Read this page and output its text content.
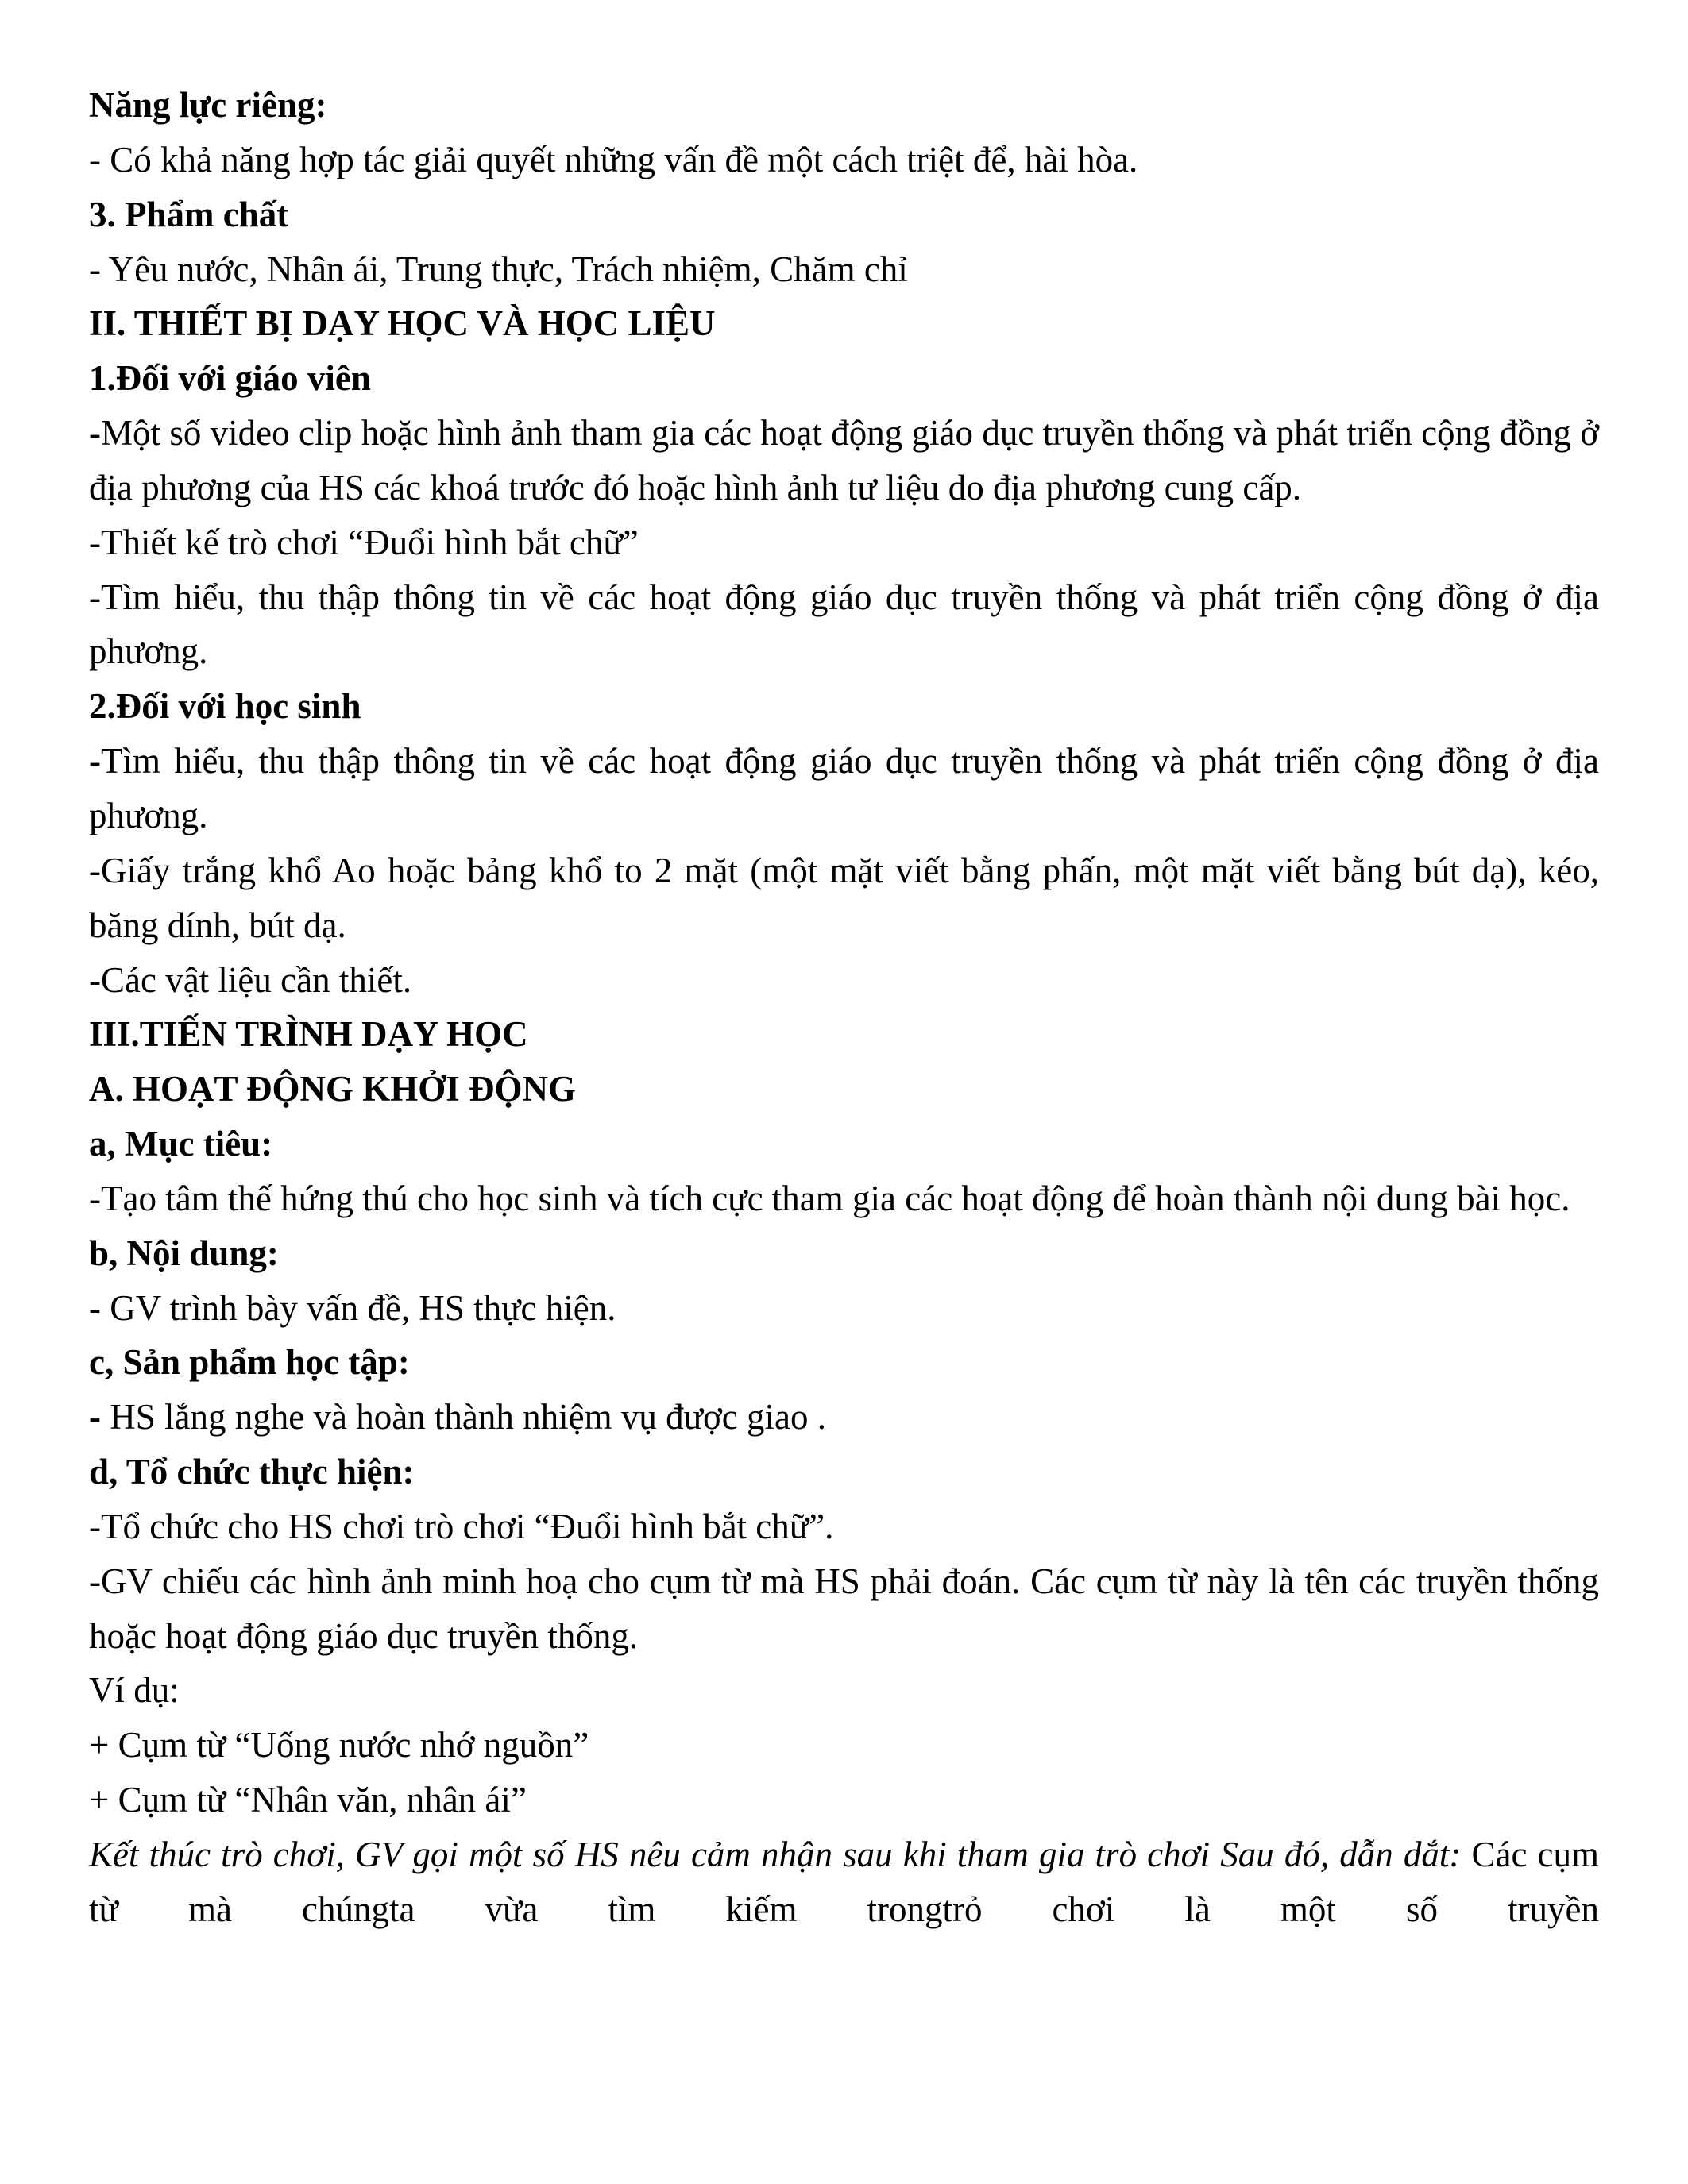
Năng lực riêng:

- Có khả năng hợp tác giải quyết những vấn đề một cách triệt để, hài hòa.

3. Phẩm chất

- Yêu nước, Nhân ái, Trung thực, Trách nhiệm, Chăm chỉ

II. THIẾT BỊ DẠY HỌC VÀ HỌC LIỆU

1.Đối với giáo viên

-Một số video clip hoặc hình ảnh tham gia các hoạt động giáo dục truyền thống và phát triển cộng đồng ở địa phương của HS các khoá trước đó hoặc hình ảnh tư liệu do địa phương cung cấp.

-Thiết kế trò chơi “Đuổi hình bắt chữ”

-Tìm hiểu, thu thập thông tin về các hoạt động giáo dục truyền thống và phát triển cộng đồng ở địa phương.

2.Đối với học sinh

-Tìm hiểu, thu thập thông tin về các hoạt động giáo dục truyền thống và phát triển cộng đồng ở địa phương.

-Giấy trắng khổ Ao hoặc bảng khổ to 2 mặt (một mặt viết bằng phấn, một mặt viết bằng bút dạ), kéo, băng dính, bút dạ.

-Các vật liệu cần thiết.

III.TIẾN TRÌNH DẠY HỌC

A. HOẠT ĐỘNG KHỞI ĐỘNG

a, Mục tiêu:

-Tạo tâm thế hứng thú cho học sinh và tích cực tham gia các hoạt động để hoàn thành nội dung bài học.

b, Nội dung:

- GV trình bày vấn đề, HS thực hiện.

c, Sản phẩm học tập:

- HS lắng nghe và hoàn thành nhiệm vụ được giao .

d, Tổ chức thực hiện:

-Tổ chức cho HS chơi trò chơi “Đuổi hình bắt chữ”.

-GV chiếu các hình ảnh minh hoạ cho cụm từ mà HS phải đoán. Các cụm từ này là tên các truyền thống hoặc hoạt động giáo dục truyền thống.

Ví dụ:

+ Cụm từ “Uống nước nhớ nguồn”

+ Cụm từ “Nhân văn, nhân ái”

Kết thúc trò chơi, GV gọi một số HS nêu cảm nhận sau khi tham gia trò chơi Sau đó, dẫn dắt: Các cụm từ mà chúngta vừa tìm kiếm trongtrỏ chơi là một số truyền
